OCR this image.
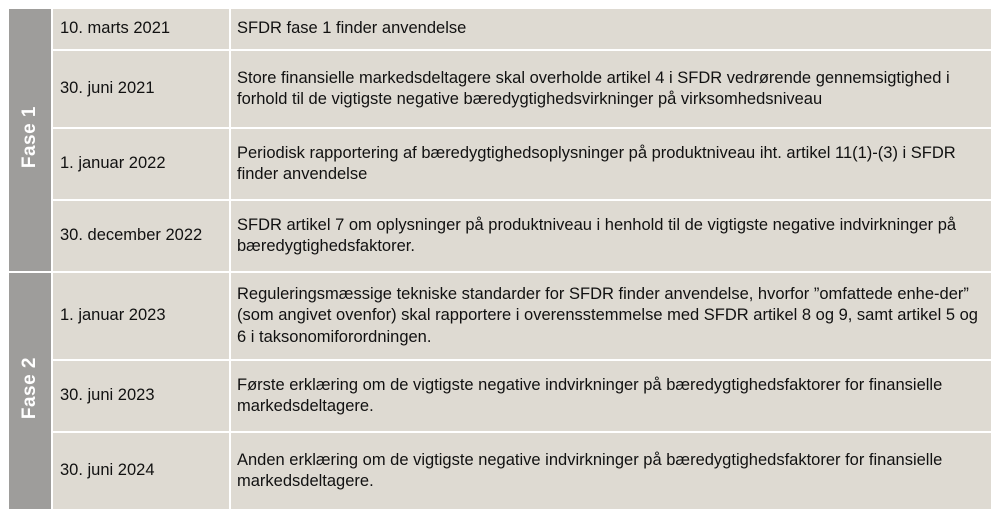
Fase 1	10. marts 2021	SFDR fase 1 finder anvendelse
	30. juni 2021	Store finansielle markedsdeltagere skal overholde artikel 4 i SFDR vedrørende gennemsigtighed i forhold til de vigtigste negative bæredygtighedsvirkninger på virksomhedsniveau
	1. januar 2022	Periodisk rapportering af bæredygtighedsoplysninger på produktniveau iht. artikel 11(1)-(3) i SFDR finder anvendelse
	30. december 2022	SFDR artikel 7 om oplysninger på produktniveau i henhold til de vigtigste negative indvirkninger på bæredygtighedsfaktorer.
Fase 2	1. januar 2023	Reguleringsmæssige tekniske standarder for SFDR finder anvendelse, hvorfor ”omfattede enhe-der” (som angivet ovenfor) skal rapportere i overensstemmelse med SFDR artikel 8 og 9, samt artikel 5 og 6 i taksonomiforordningen.
	30. juni 2023	Første erklæring om de vigtigste negative indvirkninger på bæredygtighedsfaktorer for finansielle markedsdeltagere.
	30. juni 2024	Anden erklæring om de vigtigste negative indvirkninger på bæredygtighedsfaktorer for finansielle markedsdeltagere.
